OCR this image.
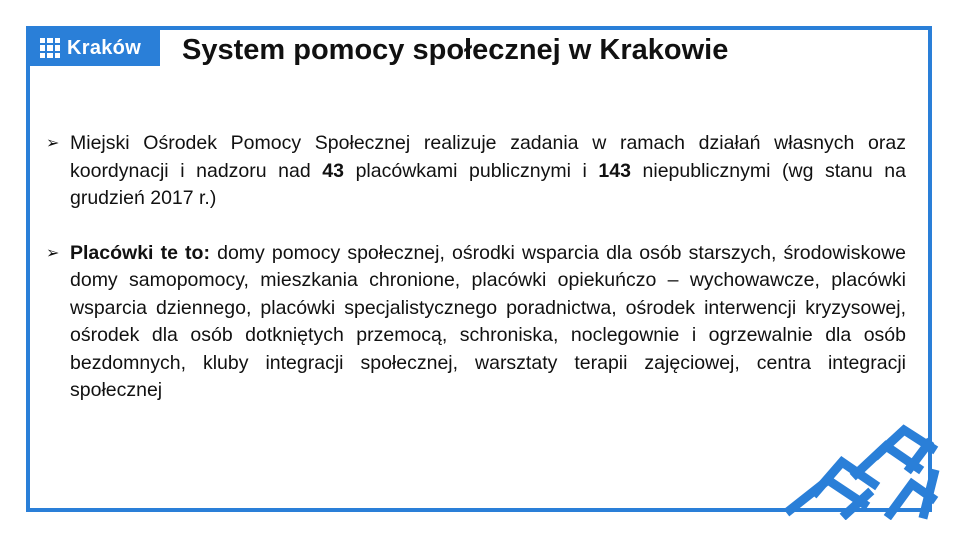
Kraków System pomocy społecznej w Krakowie
➢ Miejski Ośrodek Pomocy Społecznej realizuje zadania w ramach działań własnych oraz koordynacji i nadzoru nad 43 placówkami publicznymi i 143 niepublicznymi (wg stanu na grudzień 2017 r.)
➢ Placówki te to: domy pomocy społecznej, ośrodki wsparcia dla osób starszych, środowiskowe domy samopomocy, mieszkania chronione, placówki opiekuńczo – wychowawcze, placówki wsparcia dziennego, placówki specjalistycznego poradnictwa, ośrodek interwencji kryzysowej, ośrodek dla osób dotkniętych przemocą, schroniska, noclegownie i ogrzewalnie dla osób bezdomnych, kluby integracji społecznej, warsztaty terapii zajęciowej, centra integracji społecznej
